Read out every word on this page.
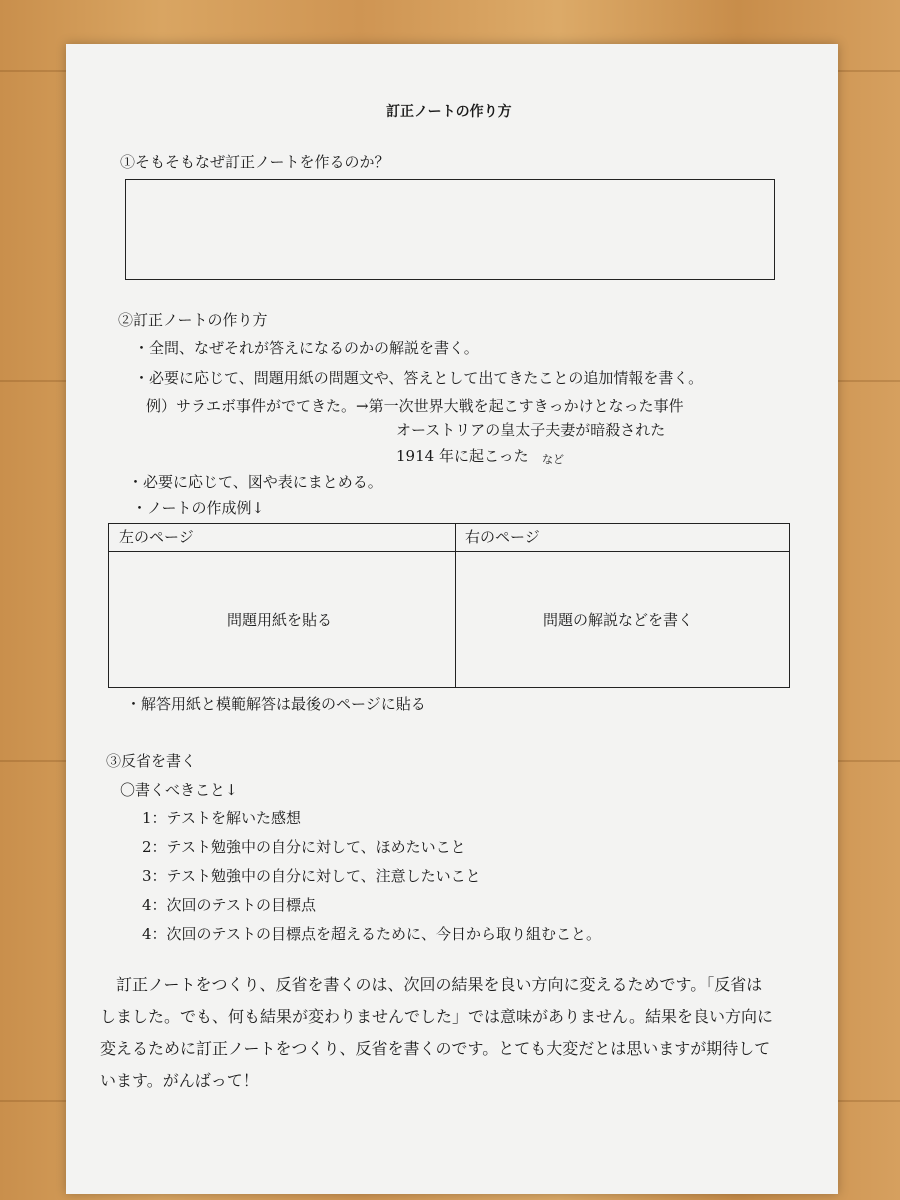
訂正ノートの作り方
①そもそもなぜ訂正ノートを作るのか？
②訂正ノートの作り方
・全問、なぜそれが答えになるのかの解説を書く。
・必要に応じて、問題用紙の問題文や、答えとして出てきたことの追加情報を書く。
例）サラエボ事件がでてきた。→第一次世界大戦を起こすきっかけとなった事件
オーストリアの皇太子夫妻が暗殺された
1914 年に起こった など
・必要に応じて、図や表にまとめる。
・ノートの作成例↓
左のページ	右のページ
問題用紙を貼る	問題の解説などを書く
・解答用紙と模範解答は最後のページに貼る
③反省を書く
〇書くべきこと↓
1：テストを解いた感想
2：テスト勉強中の自分に対して、ほめたいこと
3：テスト勉強中の自分に対して、注意したいこと
4：次回のテストの目標点
4：次回のテストの目標点を超えるために、今日から取り組むこと。
　訂正ノートをつくり、反省を書くのは、次回の結果を良い方向に変えるためです。「反省は
しました。でも、何も結果が変わりませんでした」では意味がありません。結果を良い方向に
変えるために訂正ノートをつくり、反省を書くのです。とても大変だとは思いますが期待して
います。がんばって！
